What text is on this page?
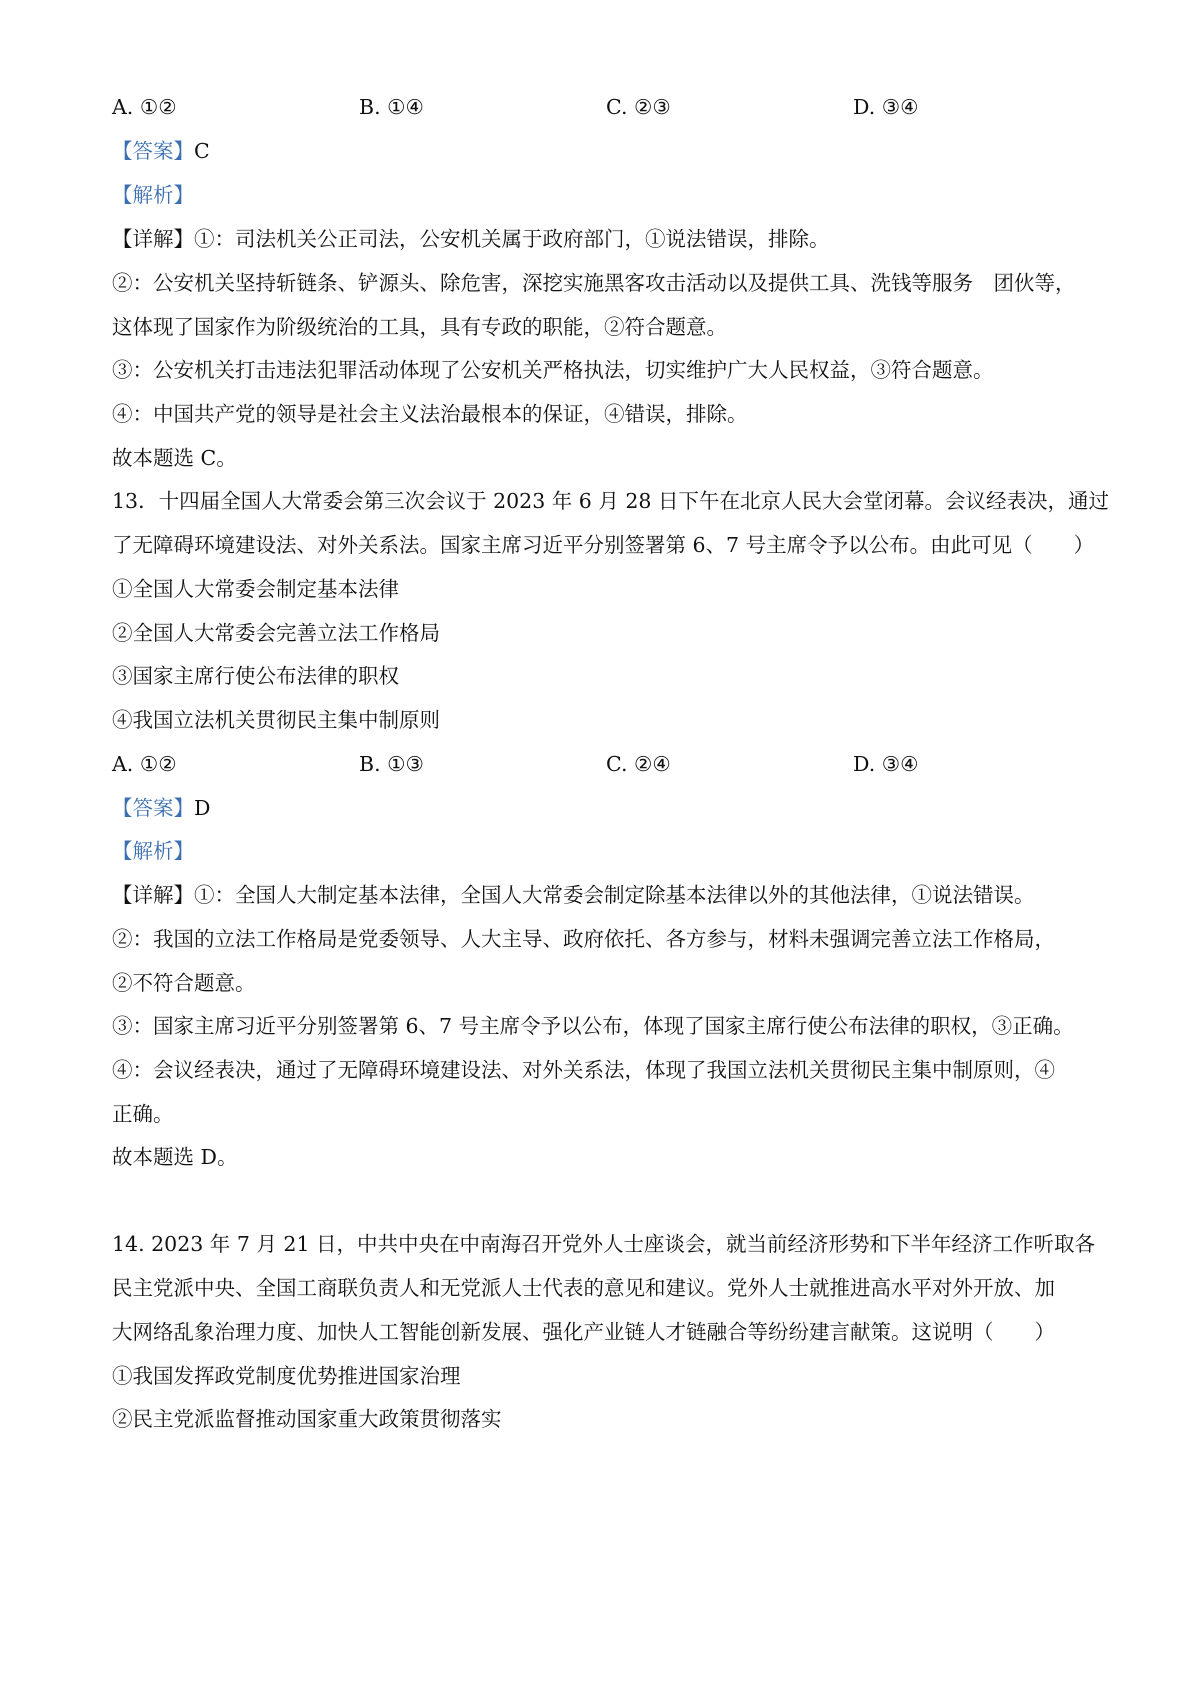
A. ①②	B. ①④	C. ②③	D. ③④
【答案】C
【解析】
【详解】①：司法机关公正司法，公安机关属于政府部门，①说法错误，排除。
②：公安机关坚持斩链条、铲源头、除危害，深挖实施黑客攻击活动以及提供工具、洗钱等服务　团伙等，
这体现了国家作为阶级统治的工具，具有专政的职能，②符合题意。
③：公安机关打击违法犯罪活动体现了公安机关严格执法，切实维护广大人民权益，③符合题意。
④：中国共产党的领导是社会主义法治最根本的保证，④错误，排除。
故本题选 C。
13．十四届全国人大常委会第三次会议于 2023 年 6 月 28 日下午在北京人民大会堂闭幕。会议经表决，通过
了无障碍环境建设法、对外关系法。国家主席习近平分别签署第 6、7 号主席令予以公布。由此可见（　　）
①全国人大常委会制定基本法律
②全国人大常委会完善立法工作格局
③国家主席行使公布法律的职权
④我国立法机关贯彻民主集中制原则
A. ①②	B. ①③	C. ②④	D. ③④
【答案】D
【解析】
【详解】①：全国人大制定基本法律，全国人大常委会制定除基本法律以外的其他法律，①说法错误。
②：我国的立法工作格局是党委领导、人大主导、政府依托、各方参与，材料未强调完善立法工作格局，
②不符合题意。
③：国家主席习近平分别签署第 6、7 号主席令予以公布，体现了国家主席行使公布法律的职权，③正确。
④：会议经表决，通过了无障碍环境建设法、对外关系法，体现了我国立法机关贯彻民主集中制原则，④
正确。
故本题选 D。
14. 2023 年 7 月 21 日，中共中央在中南海召开党外人士座谈会，就当前经济形势和下半年经济工作听取各
民主党派中央、全国工商联负责人和无党派人士代表的意见和建议。党外人士就推进高水平对外开放、加
大网络乱象治理力度、加快人工智能创新发展、强化产业链人才链融合等纷纷建言献策。这说明（　　）
①我国发挥政党制度优势推进国家治理
②民主党派监督推动国家重大政策贯彻落实
